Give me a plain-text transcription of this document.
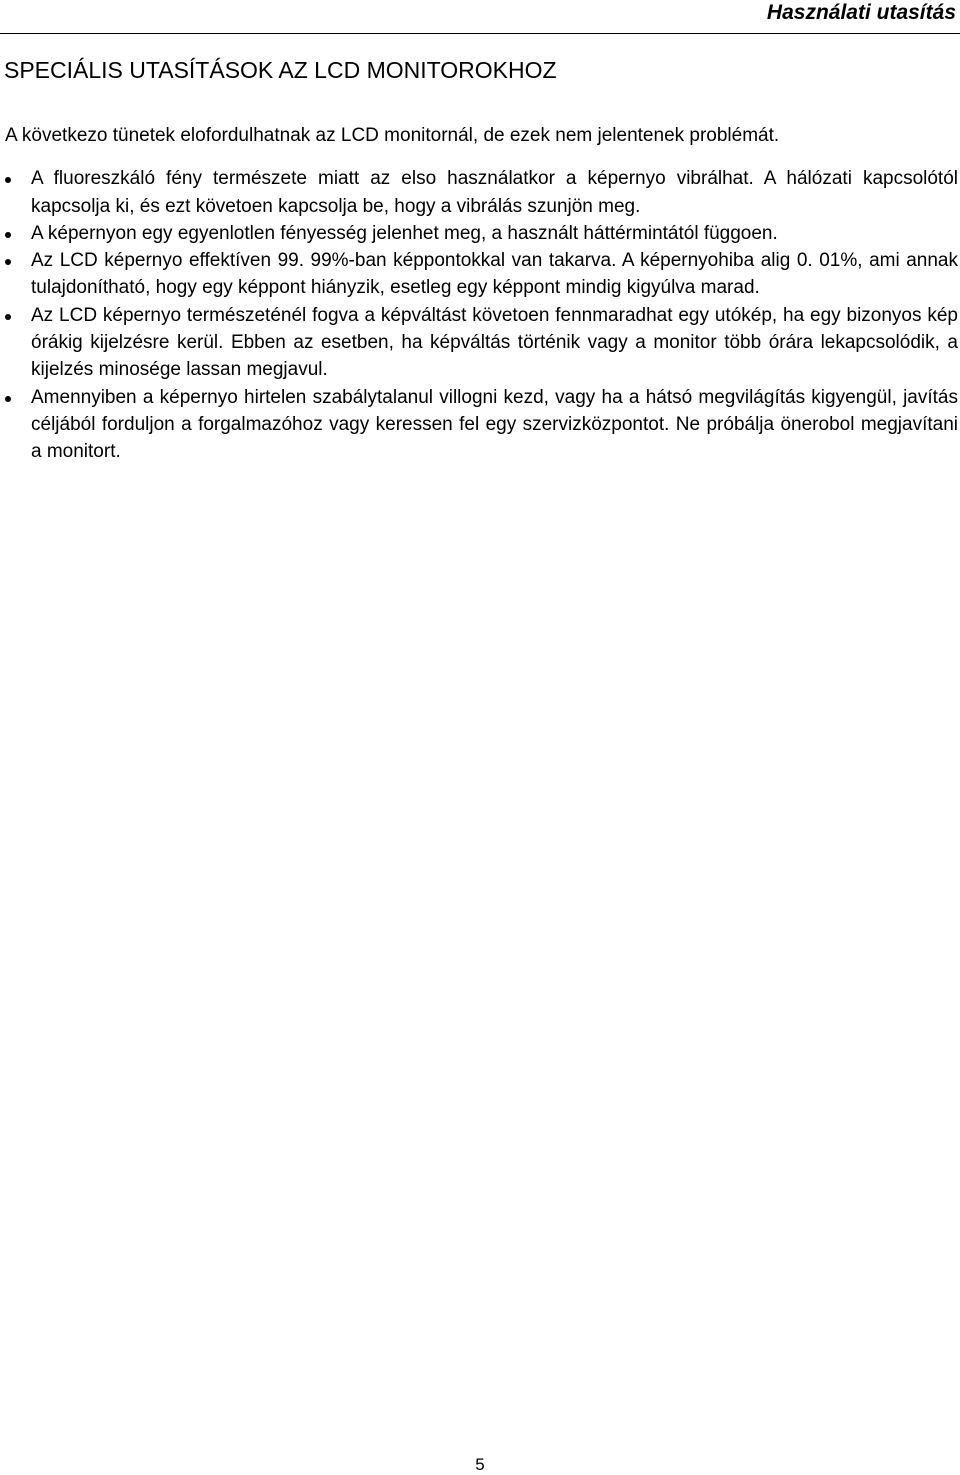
Használati utasítás
SPECIÁLIS UTASÍTÁSOK AZ LCD MONITOROKHOZ

A következo tünetek elofordulhatnak az LCD monitornál, de ezek nem jelentenek problémát.

A fluoreszkáló fény természete miatt az elso használatkor a képernyo vibrálhat. A hálózati kapcsolótól kapcsolja ki, és ezt követoen kapcsolja be, hogy a vibrálás szunjön meg.
A képernyon egy egyenlotlen fényesség jelenhet meg, a használt háttérmintától függoen.
Az LCD képernyo effektíven 99. 99%-ban képpontokkal van takarva. A képernyohiba alig 0. 01%, ami annak tulajdonítható, hogy egy képpont hiányzik, esetleg egy képpont mindig kigyúlva marad.
Az LCD képernyo természeténél fogva a képváltást követoen fennmaradhat egy utókép, ha egy bizonyos kép órákig kijelzésre kerül. Ebben az esetben, ha képváltás történik vagy a monitor több órára lekapcsolódik, a kijelzés minosége lassan megjavul.
Amennyiben a képernyo hirtelen szabálytalanul villogni kezd, vagy ha a hátsó megvilágítás kigyengül, javítás céljából forduljon a forgalmazóhoz vagy keressen fel egy szervizközpontot. Ne próbálja önerobol megjavítani a monitort.
5
